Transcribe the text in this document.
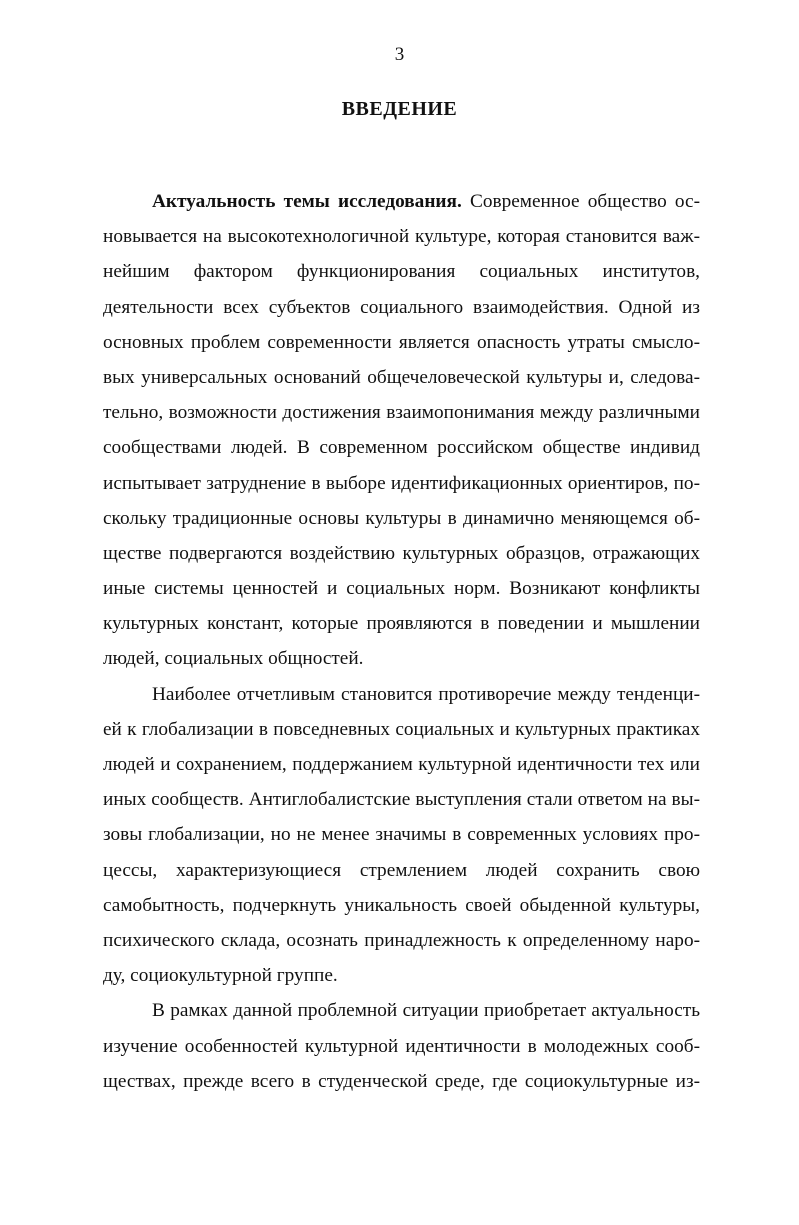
3
ВВЕДЕНИЕ
Актуальность темы исследования. Современное общество ос-
новывается на высокотехнологичной культуре, которая становится важ-
нейшим фактором функционирования социальных институтов,
деятельности всех субъектов социального взаимодействия. Одной из
основных проблем современности является опасность утраты смысло-
вых универсальных оснований общечеловеческой культуры и, следова-
тельно, возможности достижения взаимопонимания между различными
сообществами людей. В современном российском обществе индивид
испытывает затруднение в выборе идентификационных ориентиров, по-
скольку традиционные основы культуры в динамично меняющемся об-
ществе подвергаются воздействию культурных образцов, отражающих
иные системы ценностей и социальных норм. Возникают конфликты
культурных констант, которые проявляются в поведении и мышлении
людей, социальных общностей.
Наиболее отчетливым становится противоречие между тенденци-
ей к глобализации в повседневных социальных и культурных практиках
людей и сохранением, поддержанием культурной идентичности тех или
иных сообществ. Антиглобалистские выступления стали ответом на вы-
зовы глобализации, но не менее значимы в современных условиях про-
цессы, характеризующиеся стремлением людей сохранить свою
самобытность, подчеркнуть уникальность своей обыденной культуры,
психического склада, осознать принадлежность к определенному наро-
ду, социокультурной группе.
В рамках данной проблемной ситуации приобретает актуальность
изучение особенностей культурной идентичности в молодежных сооб-
ществах, прежде всего в студенческой среде, где социокультурные из-
